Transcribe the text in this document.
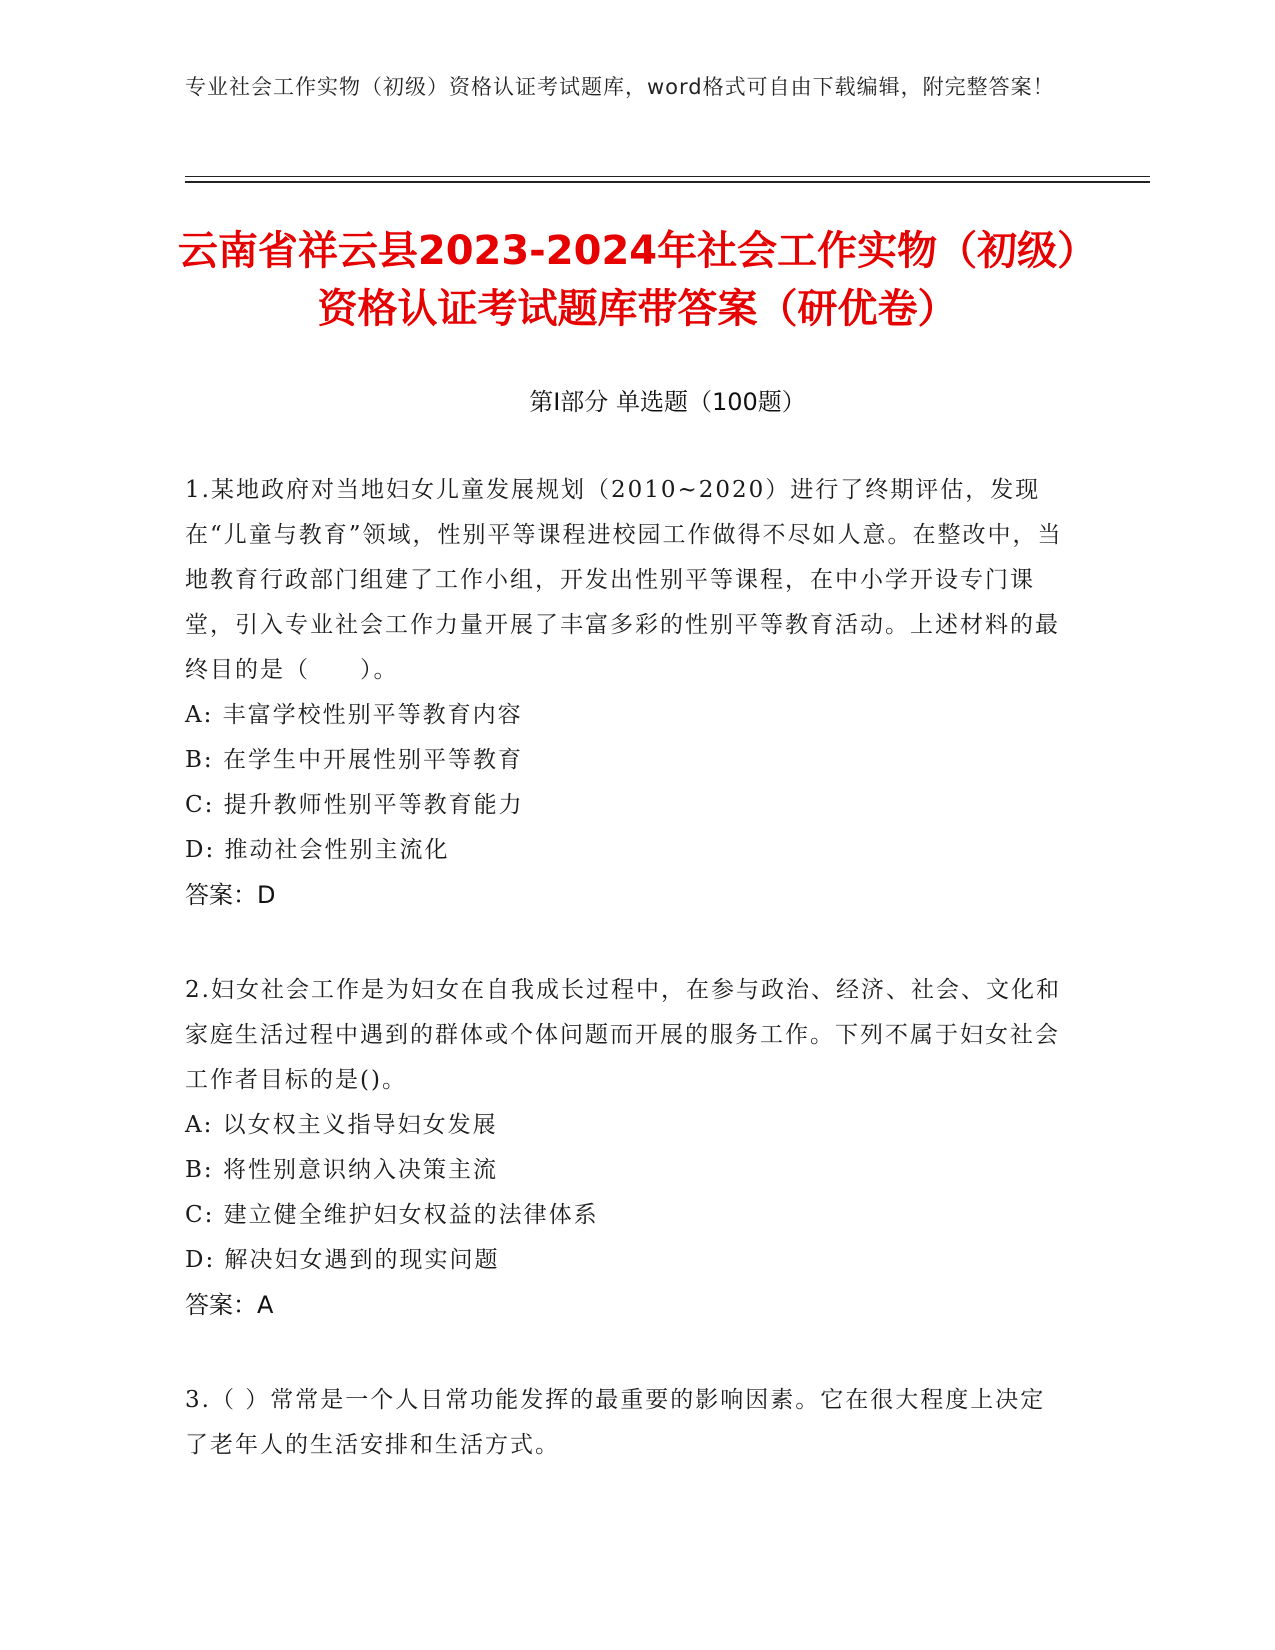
专业社会工作实物（初级）资格认证考试题库，word格式可自由下载编辑，附完整答案！
云南省祥云县2023-2024年社会工作实物（初级）资格认证考试题库带答案（研优卷）
第Ⅰ部分 单选题（100题）

1.某地政府对当地妇女儿童发展规划（2010~2020）进行了终期评估，发现在“儿童与教育”领域，性别平等课程进校园工作做得不尽如人意。在整改中，当地教育行政部门组建了工作小组，开发出性别平等课程，在中小学开设专门课堂，引入专业社会工作力量开展了丰富多彩的性别平等教育活动。上述材料的最终目的是（　　）。

A: 丰富学校性别平等教育内容

B: 在学生中开展性别平等教育

C: 提升教师性别平等教育能力

D: 推动社会性别主流化

答案：D

2.妇女社会工作是为妇女在自我成长过程中，在参与政治、经济、社会、文化和家庭生活过程中遇到的群体或个体问题而开展的服务工作。下列不属于妇女社会工作者目标的是()。

A: 以女权主义指导妇女发展

B: 将性别意识纳入决策主流

C: 建立健全维护妇女权益的法律体系

D: 解决妇女遇到的现实问题

答案：A

3.（ ）常常是一个人日常功能发挥的最重要的影响因素。它在很大程度上决定了老年人的生活安排和生活方式。
